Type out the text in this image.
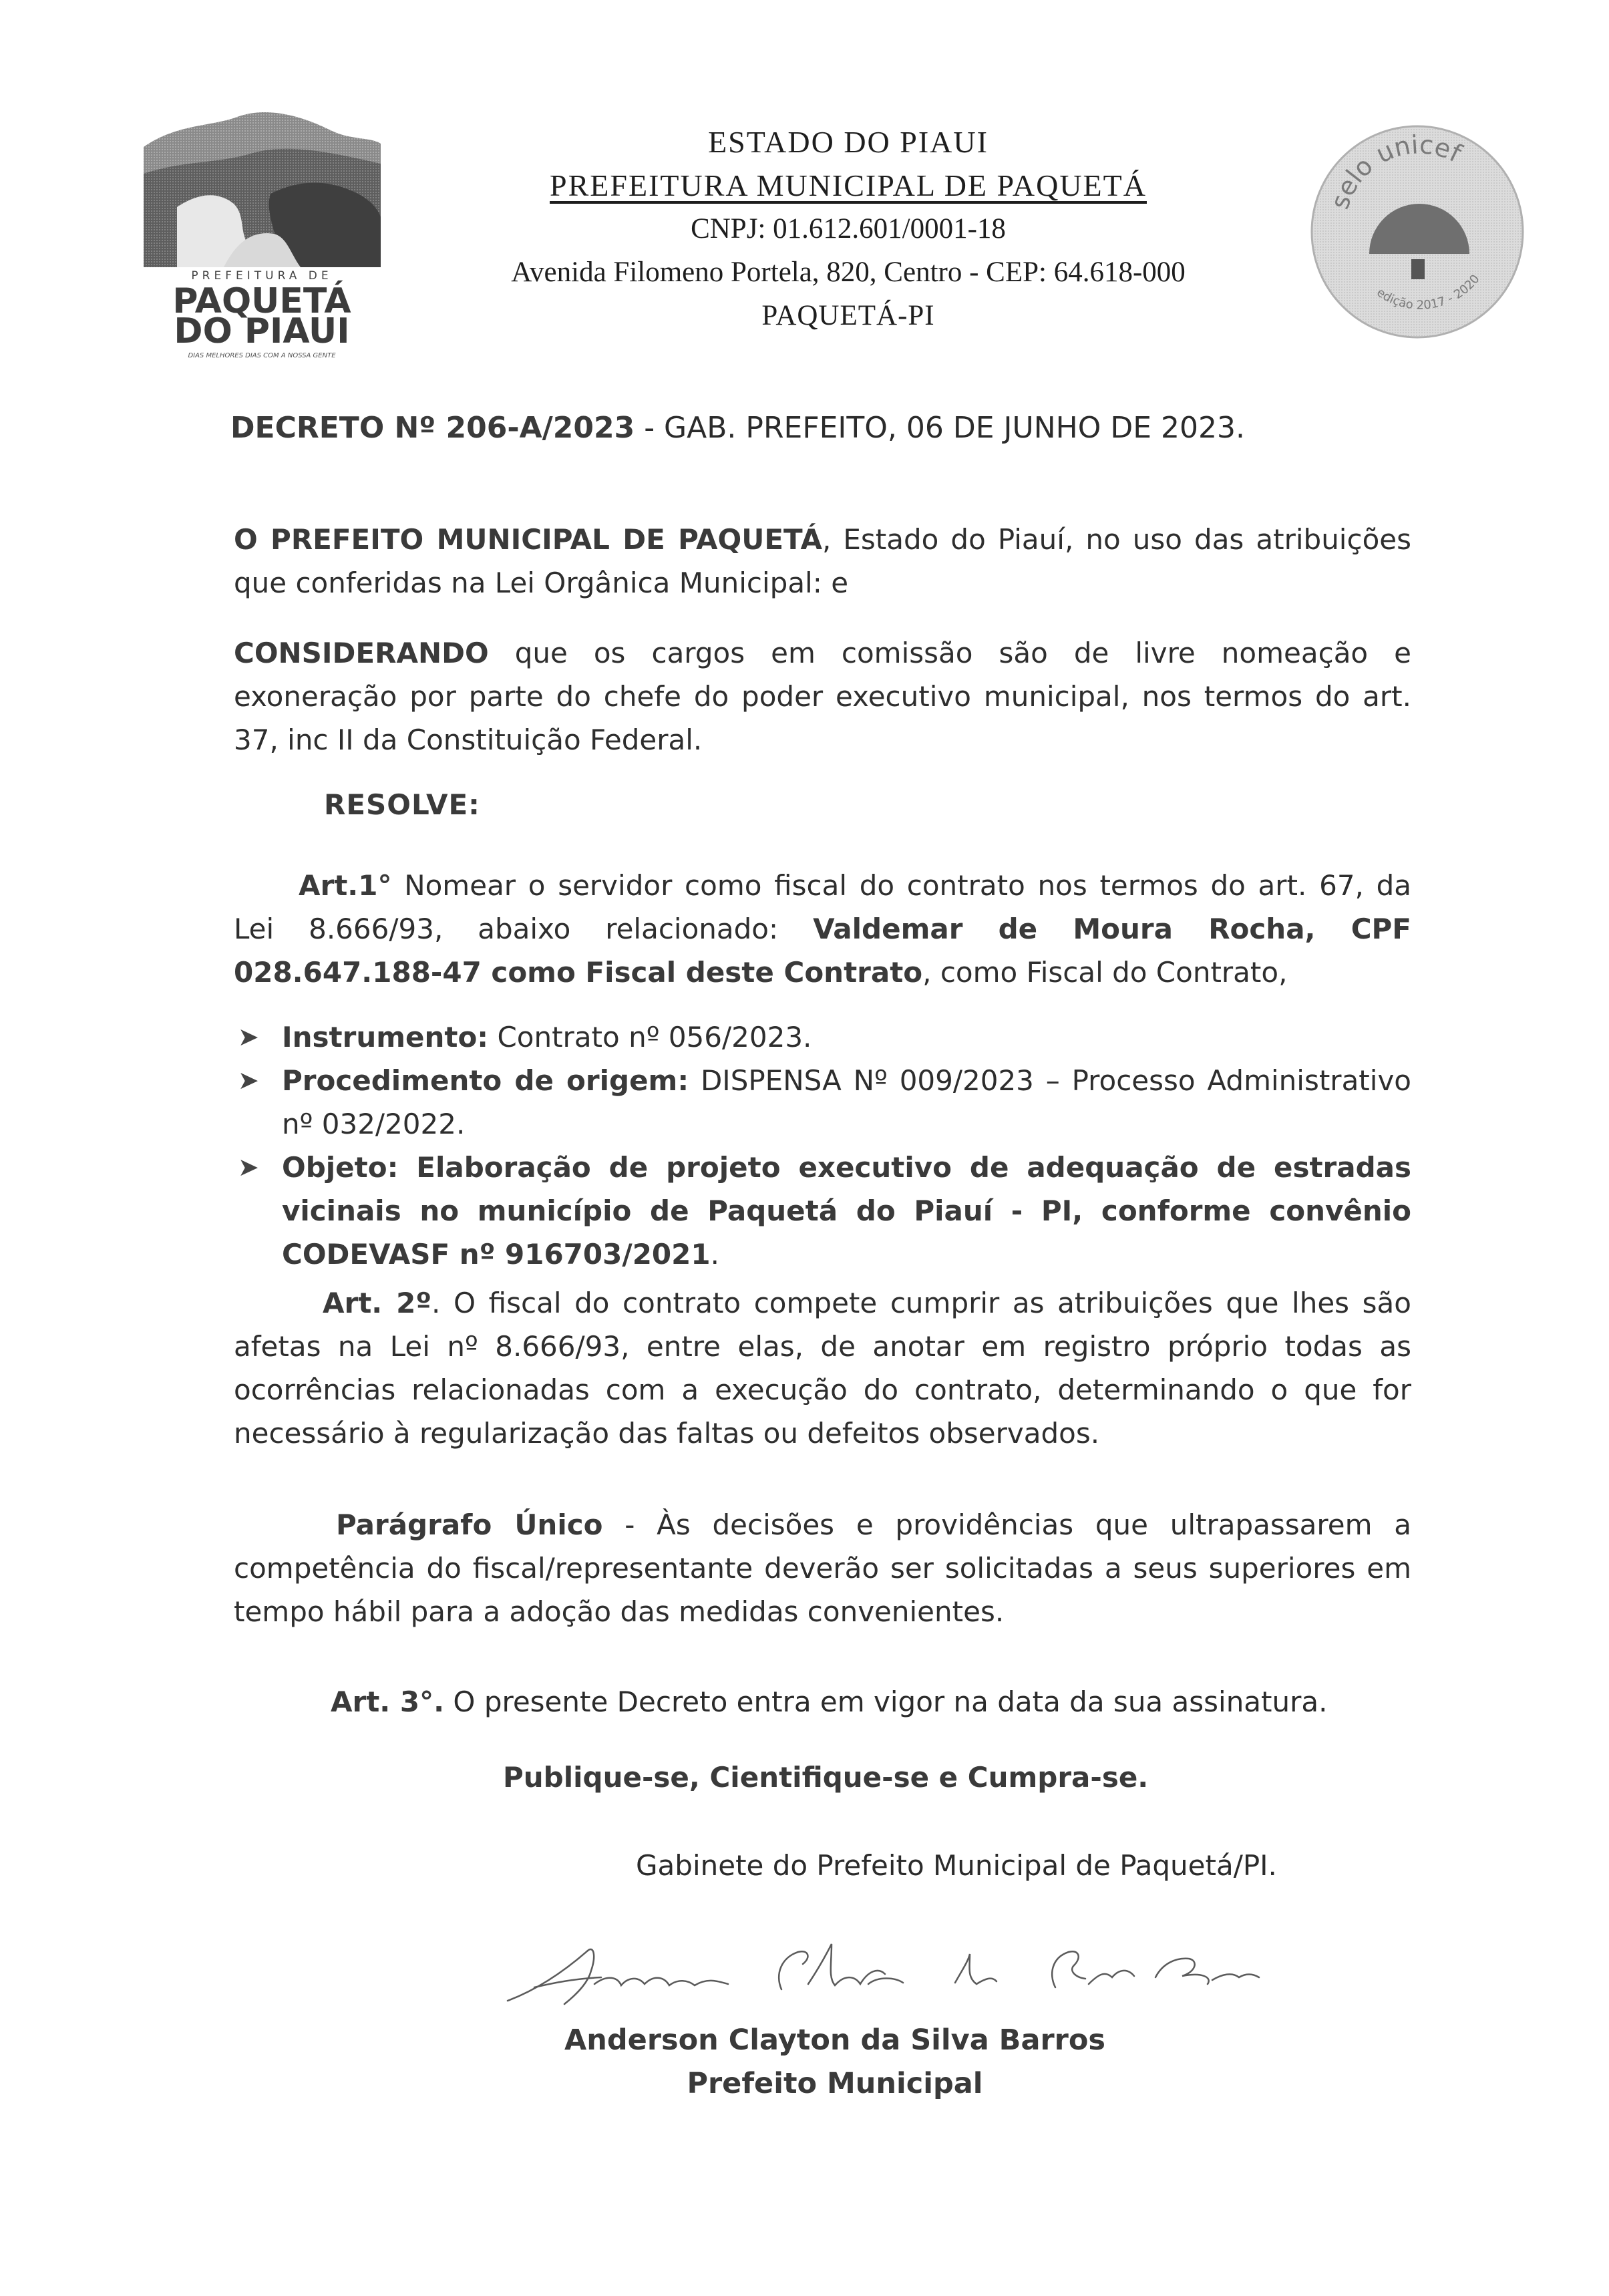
PREFEITURA DE
PAQUETÁ
DO PIAUI
DIAS MELHORES DIAS COM A NOSSA GENTE
ESTADO DO PIAUI
PREFEITURA MUNICIPAL DE PAQUETÁ
CNPJ: 01.612.601/0001-18
Avenida Filomeno Portela, 820, Centro - CEP: 64.618-000
PAQUETÁ-PI
selo unicef
edição 2017 - 2020
DECRETO Nº 206-A/2023 - GAB. PREFEITO, 06 DE JUNHO DE 2023.
O PREFEITO MUNICIPAL DE PAQUETÁ, Estado do Piauí, no uso das atribuições que conferidas na Lei Orgânica Municipal: e
CONSIDERANDO que os cargos em comissão são de livre nomeação e exoneração por parte do chefe do poder executivo municipal, nos termos do art. 37, inc II da Constituição Federal.
RESOLVE:
Art.1° Nomear o servidor como fiscal do contrato nos termos do art. 67, da Lei 8.666/93, abaixo relacionado: Valdemar de Moura Rocha, CPF 028.647.188-47 como Fiscal deste Contrato, como Fiscal do Contrato,
➤ Instrumento: Contrato nº 056/2023.
➤ Procedimento de origem: DISPENSA Nº 009/2023 – Processo Administrativo nº 032/2022.
➤ Objeto: Elaboração de projeto executivo de adequação de estradas vicinais no município de Paquetá do Piauí - PI, conforme convênio CODEVASF nº 916703/2021.
Art. 2º. O fiscal do contrato compete cumprir as atribuições que lhes são afetas na Lei nº 8.666/93, entre elas, de anotar em registro próprio todas as ocorrências relacionadas com a execução do contrato, determinando o que for necessário à regularização das faltas ou defeitos observados.
Parágrafo Único - Às decisões e providências que ultrapassarem a competência do fiscal/representante deverão ser solicitadas a seus superiores em tempo hábil para a adoção das medidas convenientes.
Art. 3°. O presente Decreto entra em vigor na data da sua assinatura.
Publique-se, Cientifique-se e Cumpra-se.
Gabinete do Prefeito Municipal de Paquetá/PI.
Anderson Clayton da Silva Barros
Anderson Clayton da Silva Barros
Prefeito Municipal
